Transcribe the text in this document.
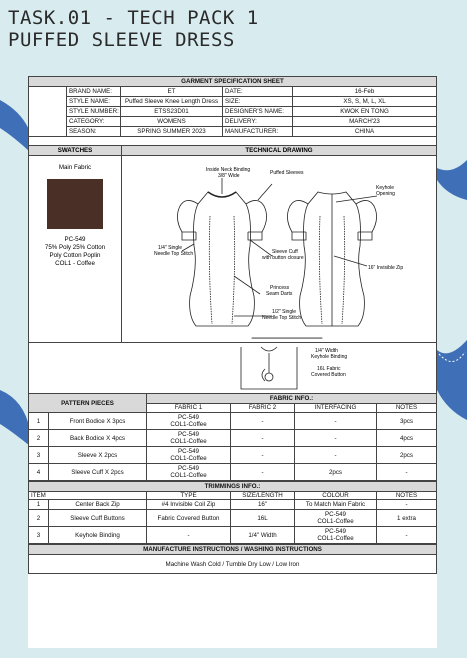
TASK.01 - TECH PACK 1
PUFFED SLEEVE DRESS
GARMENT SPECIFICATION SHEET				
	BRAND NAME:	ET	DATE:	16-Feb
	STYLE NAME:	Puffed Sleeve Knee Length Dress	SIZE:	XS, S, M, L, XL
	STYLE NUMBER:	ETSS23D01	DESIGNER'S NAME:	KWOK EN TONG
	CATEGORY:	WOMENS	DELIVERY:	MARCH'23
	SEASON:	SPRING SUMMER 2023	MANUFACTURER:	CHINA
SWATCHES
Main Fabric
PC-549
75% Poly 25% Cotton
Poly Cotton Poplin
COL1 - Coffee
TECHNICAL DRAWING
Inside Neck Binding
3/8" Wide	Puffed Sleeves
Keyhole
Opening
1/4" Single
Needle Top Stitch	Sleeve Cuff
with button closure
16" Invisible Zip
Princess
Seam Darts
1/2" Single
Needle Top Stitch
1/4" Width
Keyhole Binding
16L Fabric
Covered Button
PATTERN PIECES		FABRIC INFO.:			
		FABRIC 1	FABRIC 2	INTERFACING	NOTES
1	Front Bodice X 3pcs	PC-549
COL1-Coffee	-	-	3pcs
2	Back Bodice X 4pcs	PC-549
COL1-Coffee	-	-	4pcs
3	Sleeve X 2pcs	PC-549
COL1-Coffee	-	-	2pcs
4	Sleeve Cuff X 2pcs	PC-549
COL1-Coffee	-	2pcs	-
TRIMMINGS INFO.:					
ITEM		TYPE	SIZE/LENGTH	COLOUR	NOTES
1	Center Back Zip	#4 Invisible Coil Zip	16"	To Match Main Fabric	-
2	Sleeve Cuff Buttons	Fabric Covered Button	16L	PC-549
COL1-Coffee	1 extra
3	Keyhole Binding	-	1/4" Width	PC-549
COL1-Coffee	-
MANUFACTURE INSTRUCTIONS / WASHING INSTRUCTIONS
Machine Wash Cold / Tumble Dry Low / Low Iron
